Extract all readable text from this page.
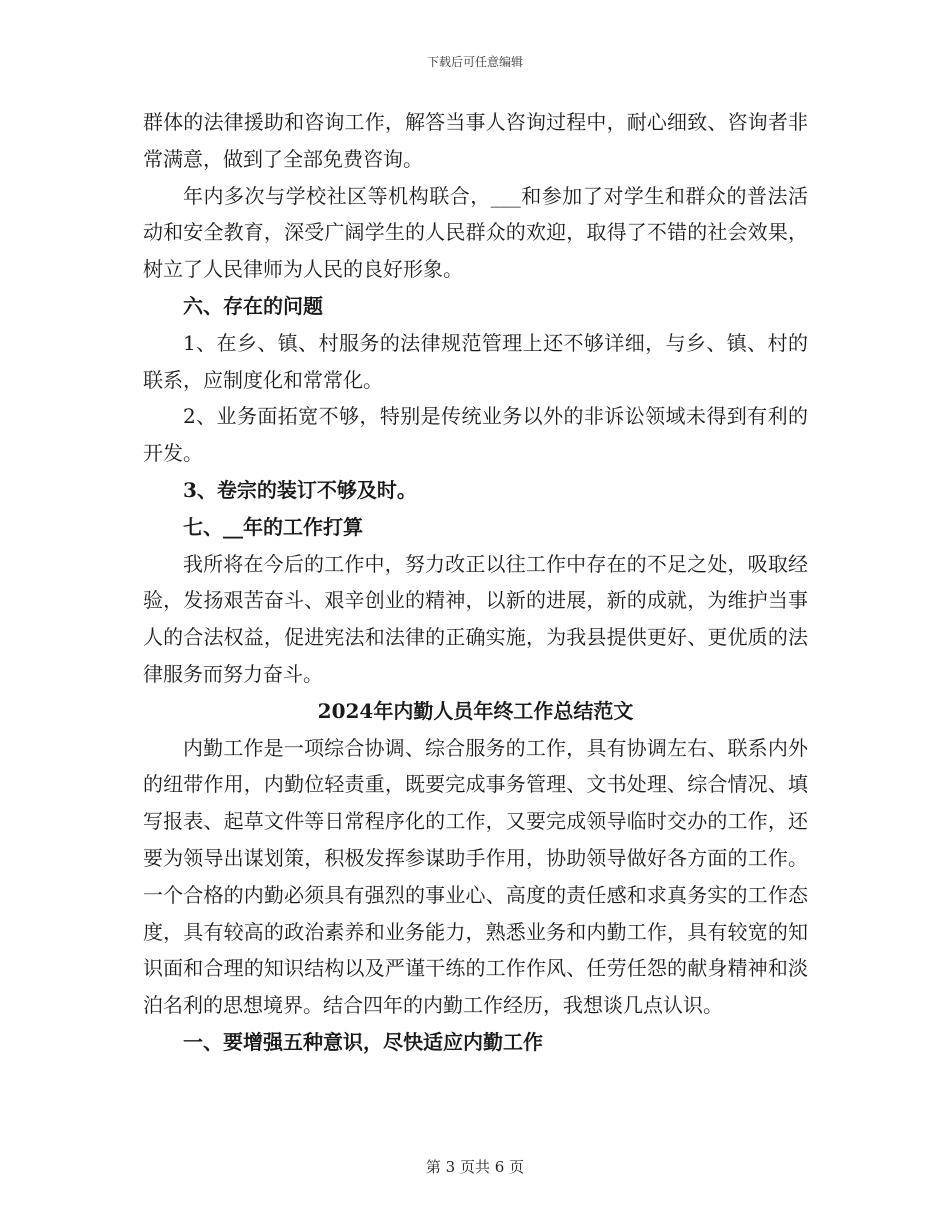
下载后可任意编辑

群体的法律援助和咨询工作，解答当事人咨询过程中，耐心细致、咨询者非常满意，做到了全部免费咨询。

年内多次与学校社区等机构联合，___和参加了对学生和群众的普法活动和安全教育，深受广阔学生的人民群众的欢迎，取得了不错的社会效果，树立了人民律师为人民的良好形象。

六、存在的问题

1、在乡、镇、村服务的法律规范管理上还不够详细，与乡、镇、村的联系，应制度化和常常化。

2、业务面拓宽不够，特别是传统业务以外的非诉讼领域未得到有利的开发。

3、卷宗的装订不够及时。

七、__年的工作打算

我所将在今后的工作中，努力改正以往工作中存在的不足之处，吸取经验，发扬艰苦奋斗、艰辛创业的精神，以新的进展，新的成就，为维护当事人的合法权益，促进宪法和法律的正确实施，为我县提供更好、更优质的法律服务而努力奋斗。

2024年内勤人员年终工作总结范文

内勤工作是一项综合协调、综合服务的工作，具有协调左右、联系内外的纽带作用，内勤位轻责重，既要完成事务管理、文书处理、综合情况、填写报表、起草文件等日常程序化的工作，又要完成领导临时交办的工作，还要为领导出谋划策，积极发挥参谋助手作用，协助领导做好各方面的工作。一个合格的内勤必须具有强烈的事业心、高度的责任感和求真务实的工作态度，具有较高的政治素养和业务能力，熟悉业务和内勤工作，具有较宽的知识面和合理的知识结构以及严谨干练的工作作风、任劳任怨的献身精神和淡泊名利的思想境界。结合四年的内勤工作经历，我想谈几点认识。

一、要增强五种意识，尽快适应内勤工作

第 3 页共 6 页
